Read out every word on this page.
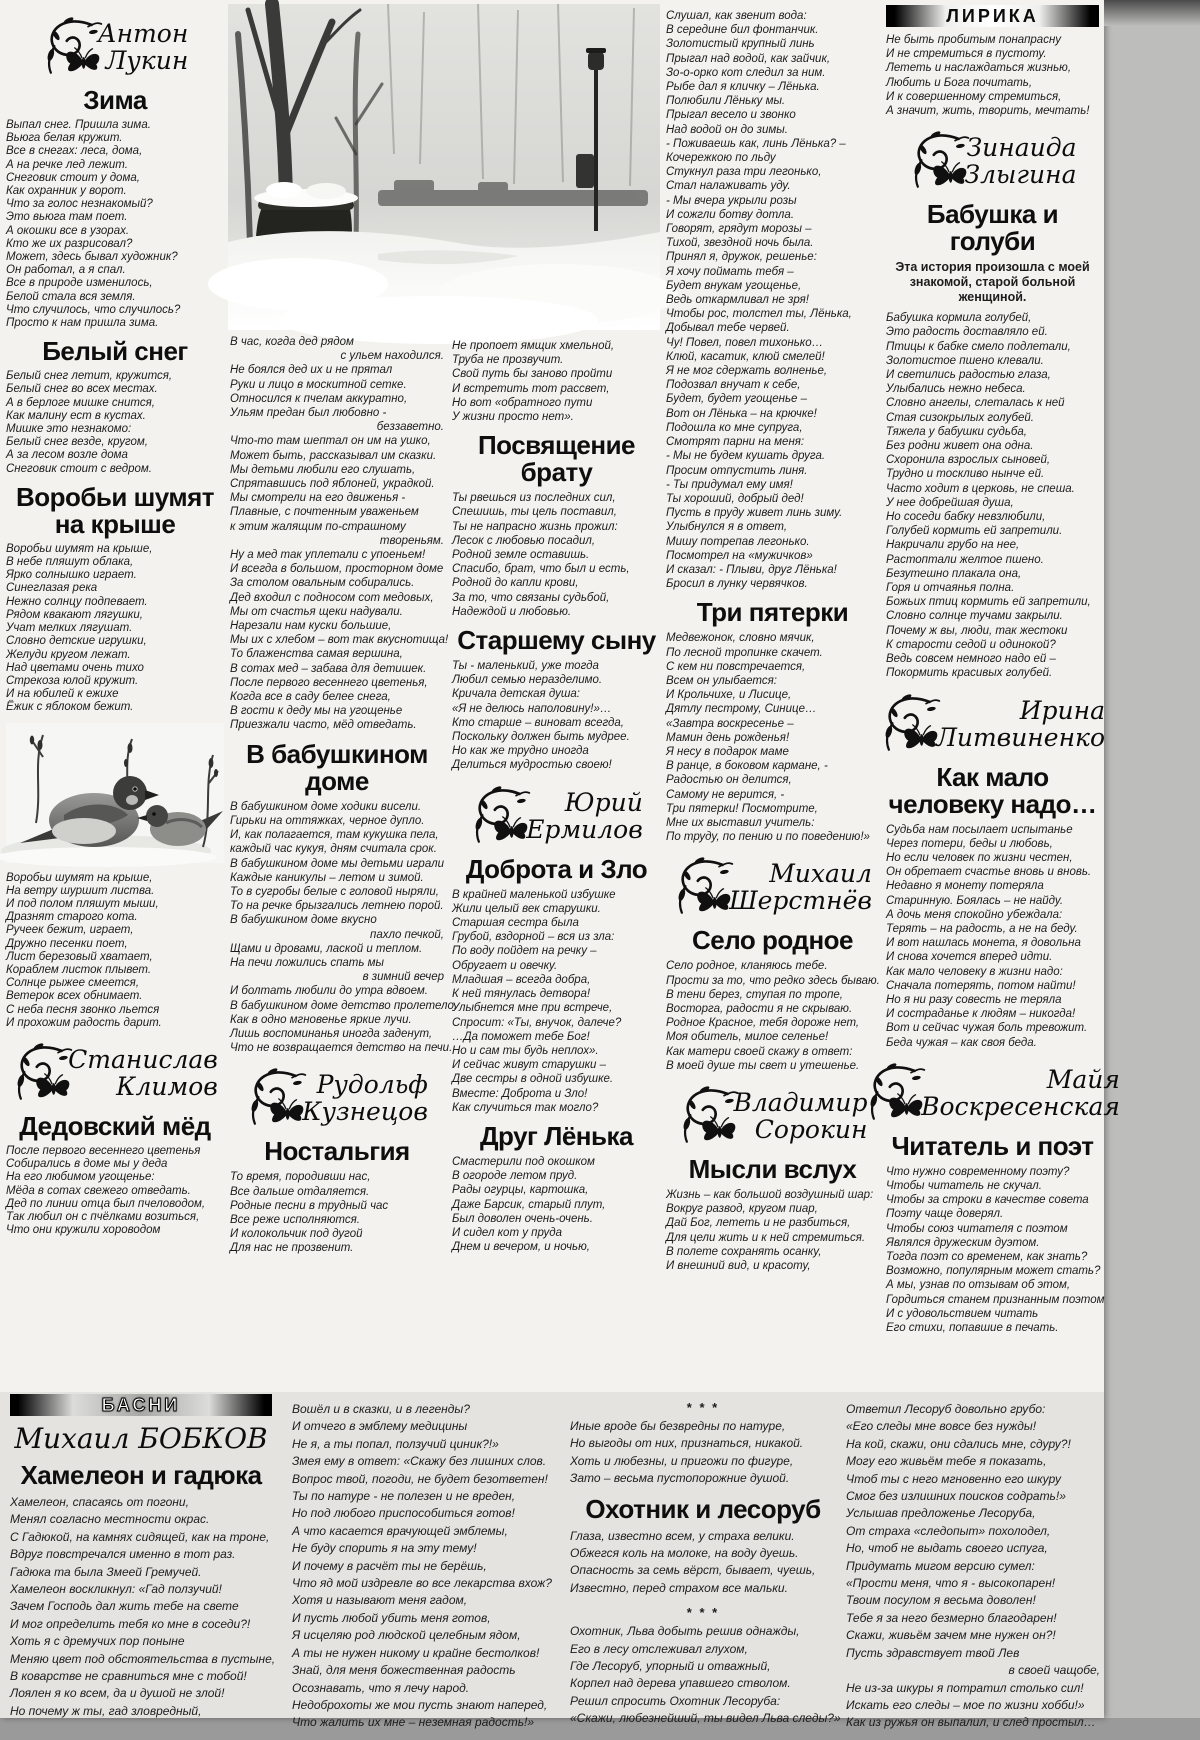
Антон
Лукин
Зима
Выпал снег. Пришла зима.
Вьюга белая кружит.
Все в снегах: леса, дома,
А на речке лед лежит.
Снеговик стоит у дома,
Как охранник у ворот.
Что за голос незнакомый?
Это вьюга там поет.
А окошки все в узорах.
Кто же их разрисовал?
Может, здесь бывал художник?
Он работал, а я спал.
Все в природе изменилось,
Белой стала вся земля.
Что случилось, что случилось?
Просто к нам пришла зима.
Белый снег
Белый снег летит, кружится,
Белый снег во всех местах.
А в берлоге мишке снится,
Как малину ест в кустах.
Мишке это незнакомо:
Белый снег везде, кругом,
А за лесом возле дома
Снеговик стоит с ведром.
Воробьи шумят на крыше
Воробьи шумят на крыше,
В небе пляшут облака,
Ярко солнышко играет.
Синеглазая река
Нежно солнцу подпевает.
Рядом квакают лягушки,
Учат мелких лягушат.
Словно детские игрушки,
Желуди кругом лежат.
Над цветами очень тихо
Стрекоза юлой кружит.
И на юбилей к ежихе
Ёжик с яблоком бежит.
Воробьи шумят на крыше,
На ветру шуршит листва.
И под полом пляшут мыши,
Дразнят старого кота.
Ручеек бежит, играет,
Дружно песенки поет,
Лист березовый хватает,
Кораблем листок плывет.
Солнце рыжее смеется,
Ветерок всех обнимает.
С неба песня звонко льется
И прохожим радость дарит.
Станислав
Климов
Дедовский мёд
После первого весеннего цветенья
Собирались в доме мы у деда
На его любимом угощенье:
Мёда в сотах свежего отведать.
Дед по линии отца был пчеловодом,
Так любил он с пчёлками возиться,
Что они кружили хороводом
В час, когда дед рядом
с ульем находился.
Не боялся дед их и не прятал
Руки и лицо в москитной сетке.
Относился к пчелам аккуратно,
Ульям предан был любовно -
беззаветно.
Что-то там шептал он им на ушко,
Может быть, рассказывал им сказки.
Мы детьми любили его слушать,
Спрятавшись под яблоней, украдкой.
Мы смотрели на его движенья -
Плавные, с почтенным уваженьем
к этим жалящим по-страшному
твореньям.
Ну а мед так уплетали с упоеньем!
И всегда в большом, просторном доме
За столом овальным собирались.
Дед входил с подносом сот медовых,
Мы от счастья щеки надували.
Нарезали нам куски большие,
Мы их с хлебом – вот так вкуснотища!
То блаженства самая вершина,
В сотах мед – забава для детишек.
После первого весеннего цветенья,
Когда все в саду белее снега,
В гости к деду мы на угощенье
Приезжали часто, мёд отведать.
В бабушкином доме
В бабушкином доме ходики висели.
Гирьки на оттяжках, черное дупло.
И, как полагается, там кукушка пела,
каждый час кукуя, дням считала срок.
В бабушкином доме мы детьми играли
Каждые каникулы – летом и зимой.
То в сугробы белые с головой ныряли,
То на речке брызгались летнею порой.
В бабушкином доме вкусно
пахло печкой,
Щами и дровами, лаской и теплом.
На печи ложились спать мы
в зимний вечер
И болтать любили до утра вдвоем.
В бабушкином доме детство пролетело,
Как в одно мгновенье яркие лучи.
Лишь воспоминанья иногда заденут,
Что не возвращается детство на печи.
Рудольф
Кузнецов
Ностальгия
То время, породивши нас,
Все дальше отдаляется.
Родные песни в трудный час
Все реже исполняются.
И колокольчик под дугой
Для нас не прозвенит.
Не пропоет ямщик хмельной,
Труба не прозвучит.
Свой путь бы заново пройти
И встретить тот рассвет,
Но вот «обратного пути
У жизни просто нет».
Посвящение брату
Ты рвешься из последних сил,
Спешишь, ты цель поставил,
Ты не напрасно жизнь прожил:
Лесок с любовью посадил,
Родной земле оставишь.
Спасибо, брат, что был и есть,
Родной до капли крови,
За то, что связаны судьбой,
Надеждой и любовью.
Старшему сыну
Ты - маленький, уже тогда
Любил семью неразделимо.
Кричала детская душа:
«Я не делюсь наполовину!»…
Кто старше – виноват всегда,
Поскольку должен быть мудрее.
Но как же трудно иногда
Делиться мудростью своею!
Юрий
Ермилов
Доброта и Зло
В крайней маленькой избушке
Жили целый век старушки.
Старшая сестра была
Грубой, вздорной – вся из зла:
По воду пойдет на речку –
Обругает и овечку.
Младшая – всегда добра,
К ней тянулась детвора!
Улыбнется мне при встрече,
Спросит: «Ты, внучок, далече?
…Да поможет тебе Бог!
Но и сам ты будь неплох».
И сейчас живут старушки –
Две сестры в одной избушке.
Вместе: Доброта и Зло!
Как случиться так могло?
Друг Лёнька
Смастерили под окошком
В огороде летом пруд.
Рады огурцы, картошка,
Даже Барсик, старый плут,
Был доволен очень-очень.
И сидел кот у пруда
Днем и вечером, и ночью,
Слушал, как звенит вода:
В середине бил фонтанчик.
Золотистый крупный линь
Прыгал над водой, как зайчик,
Зо-о-орко кот следил за ним.
Рыбе дал я кличку – Лёнька.
Полюбили Лёньку мы.
Прыгал весело и звонко
Над водой он до зимы.
- Поживаешь как, линь Лёнька? –
Кочережкою по льду
Стукнул раза три легонько,
Стал налаживать уду.
- Мы вчера укрыли розы
И сожгли ботву дотла.
Говорят, грядут морозы –
Тихой, звездной ночь была.
Принял я, дружок, решенье:
Я хочу поймать тебя –
Будет внукам угощенье,
Ведь откармливал не зря!
Чтобы рос, толстел ты, Лёнька,
Добывал тебе червей.
Чу! Повел, повел тихонько…
Клюй, касатик, клюй смелей!
Я не мог сдержать волненье,
Подозвал внучат к себе,
Будет, будет угощенье –
Вот он Лёнька – на крючке!
Подошла ко мне супруга,
Смотрят парни на меня:
- Мы не будем кушать друга.
Просим отпустить линя.
- Ты придумал ему имя!
Ты хороший, добрый дед!
Пусть в пруду живет линь зиму.
Улыбнулся я в ответ,
Мишу потрепав легонько.
Посмотрел на «мужичков»
И сказал: - Плыви, друг Лёнька!
Бросил в лунку червячков.
Три пятерки
Медвежонок, словно мячик,
По лесной тропинке скачет.
С кем ни повстречается,
Всем он улыбается:
И Крольчихе, и Лисице,
Дятлу пестрому, Синице…
«Завтра воскресенье –
Мамин день рожденья!
Я несу в подарок маме
В ранце, в боковом кармане, -
Радостью он делится,
Самому не верится, -
Три пятерки! Посмотрите,
Мне их выставил учитель:
По труду, по пению и по поведению!»
Михаил
Шерстнёв
Село родное
Село родное, кланяюсь тебе.
Прости за то, что редко здесь бываю.
В тени берез, ступая по тропе,
Восторга, радости я не скрываю.
Родное Красное, тебя дороже нет,
Моя обитель, милое селенье!
Как матери своей скажу в ответ:
В моей душе ты свет и утешенье.
Владимир
Сорокин
Мысли вслух
Жизнь – как большой воздушный шар:
Вокруг развод, кругом пиар,
Дай Бог, лететь и не разбиться,
Для цели жить и к ней стремиться.
В полете сохранять осанку,
И внешний вид, и красоту,
ЛИРИКА
Не быть пробитым понапрасну
И не стремиться в пустоту.
Лететь и наслаждаться жизнью,
Любить и Бога почитать,
И к совершенному стремиться,
А значит, жить, творить, мечтать!
Зинаида
Злыгина
Бабушка и голуби
Эта история произошла с моей
знакомой, старой больной женщиной.
Бабушка кормила голубей,
Это радость доставляло ей.
Птицы к бабке смело подлетали,
Золотистое пшено клевали.
И светились радостью глаза,
Улыбались нежно небеса.
Словно ангелы, слеталась к ней
Стая сизокрылых голубей.
Тяжела у бабушки судьба,
Без родни живет она одна.
Схоронила взрослых сыновей,
Трудно и тоскливо нынче ей.
Часто ходит в церковь, не спеша.
У нее добрейшая душа,
Но соседи бабку невзлюбили,
Голубей кормить ей запретили.
Накричали грубо на нее,
Растоптали желтое пшено.
Безутешно плакала она,
Горя и отчаянья полна.
Божьих птиц кормить ей запретили,
Словно солнце тучами закрыли.
Почему ж вы, люди, так жестоки
К старости седой и одинокой?
Ведь совсем немного надо ей –
Покормить красивых голубей.
Ирина
Литвиненко
Как мало человеку надо…
Судьба нам посылает испытанье
Через потери, беды и любовь,
Но если человек по жизни честен,
Он обретает счастье вновь и вновь.
Недавно я монету потеряла
Старинную. Боялась – не найду.
А дочь меня спокойно убеждала:
Терять – на радость, а не на беду.
И вот нашлась монета, я довольна
И снова хочется вперед идти.
Как мало человеку в жизни надо:
Сначала потерять, потом найти!
Но я ни разу совесть не теряла
И состраданье к людям – никогда!
Вот и сейчас чужая боль тревожит.
Беда чужая – как своя беда.
Майя
Воскресенская
Читатель и поэт
Что нужно современному поэту?
Чтобы читатель не скучал.
Чтобы за строки в качестве совета
Поэту чаще доверял.
Чтобы союз читателя с поэтом
Являлся дружеским дуэтом.
Тогда поэт со временем, как знать?
Возможно, популярным может стать?
А мы, узнав по отзывам об этом,
Гордиться станем признанным поэтом
И с удовольствием читать
Его стихи, попавшие в печать.
БАСНИ
Михаил БОБКОВ
Хамелеон и гадюка
Хамелеон, спасаясь от погони,
Менял согласно местности окрас.
С Гадюкой, на камнях сидящей, как на троне,
Вдруг повстречался именно в тот раз.
Гадюка та была Змеей Гремучей.
Хамелеон воскликнул: «Гад ползучий!
Зачем Господь дал жить тебе на свете
И мог определить тебя ко мне в соседи?!
Хоть я с дремучих пор поныне
Меняю цвет под обстоятельства в пустыне,
В коварстве не сравниться мне с тобой!
Лоялен я ко всем, да и душой не злой!
Но почему ж ты, гад зловредный,
Вошёл и в сказки, и в легенды?
И отчего в эмблему медицины
Не я, а ты попал, ползучий циник?!»
Змея ему в ответ: «Скажу без лишних слов.
Вопрос твой, погоди, не будет безответен!
Ты по натуре - не полезен и не вреден,
Но под любого приспособиться готов!
А что касается врачующей эмблемы,
Не буду спорить я на эту тему!
И почему в расчёт ты не берёшь,
Что яд мой издревле во все лекарства вхож?
Хотя и называют меня гадом,
И пусть любой убить меня готов,
Я исцеляю род людской целебным ядом,
А ты не нужен никому и крайне бестолков!
Знай, для меня божественная радость
Осознавать, что я лечу народ.
Недоброхоты же мои пусть знают наперед,
Что жалить их мне – неземная радость!»
* * *
Иные вроде бы безвредны по натуре,
Но выгоды от них, признаться, никакой.
Хоть и любезны, и пригожи по фигуре,
Зато – весьма пустопорожние душой.
Охотник и лесоруб
Глаза, известно всем, у страха велики.
Обжегся коль на молоке, на воду дуешь.
Опасность за семь вёрст, бывает, чуешь,
Известно, перед страхом все мальки.
* * *
Охотник, Льва добыть решив однажды,
Его в лесу отслеживал глухом,
Где Лесоруб, упорный и отважный,
Корпел над дерева упавшего стволом.
Решил спросить Охотник Лесоруба:
«Скажи, любезнейший, ты видел Льва следы?»
Ответил Лесоруб довольно грубо:
«Его следы мне вовсе без нужды!
На кой, скажи, они сдались мне, сдуру?!
Могу его живьём тебе я показать,
Чтоб ты с него мгновенно его шкуру
Смог без излишних поисков содрать!»
Услышав предложенье Лесоруба,
От страха «следопыт» похолодел,
Но, чтоб не выдать своего испуга,
Придумать мигом версию сумел:
«Прости меня, что я - высокопарен!
Твоим посулом я весьма доволен!
Тебе я за него безмерно благодарен!
Скажи, живьём зачем мне нужен он?!
Пусть здравствует твой Лев
в своей чащобе,
Не из-за шкуры я потратил столько сил!
Искать его следы – мое по жизни хобби!»
Как из ружья он выпалил, и след простыл…
